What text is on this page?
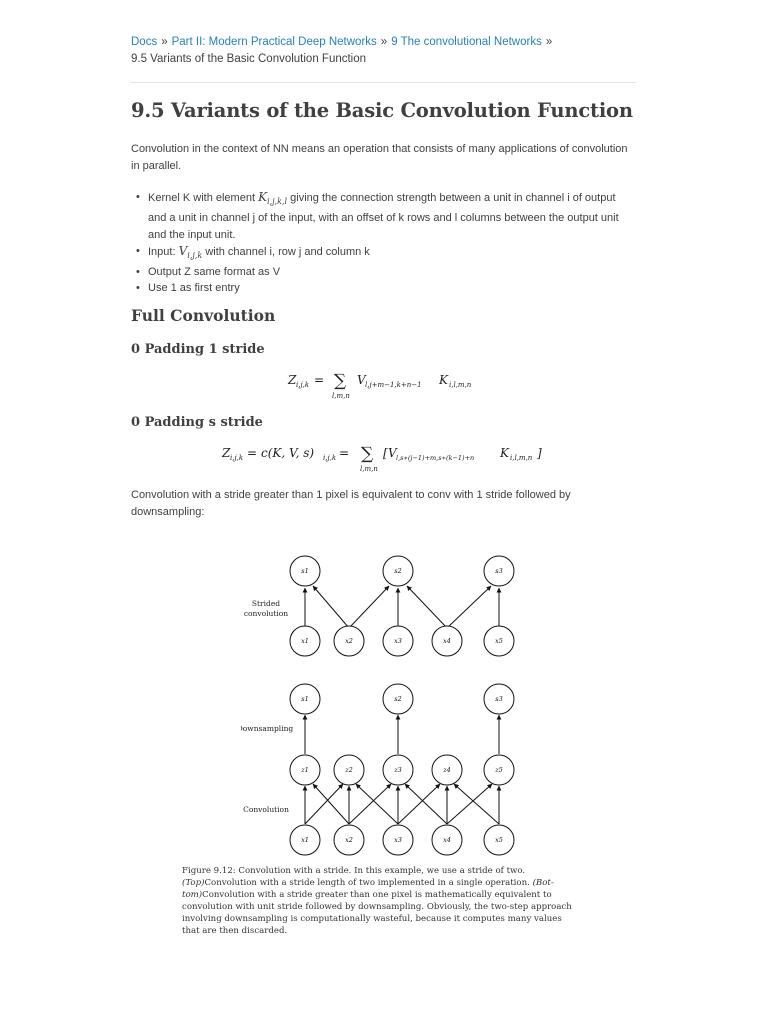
Docs » Part II: Modern Practical Deep Networks » 9 The convolutional Networks »
9.5 Variants of the Basic Convolution Function
9.5 Variants of the Basic Convolution Function

Convolution in the context of NN means an operation that consists of many applications of convolution in parallel.

• Kernel K with element $K_{i,j,k,l}$ giving the connection strength between a unit in channel i of output and a unit in channel j of the input, with an offset of k rows and l columns between the output unit and the input unit.
• Input: $V_{i,j,k}$ with channel i, row j and column k
• Output Z same format as V
• Use 1 as first entry
Full Convolution
0 Padding 1 stride
Z i,j,k = ∑
l,m,n
V l,j+m−1,k+n−1 K i,l,m,n
0 Padding s stride
Z i,j,k = c(K, V, s) i,j,k = ∑
l,m,n
[ V l,s∗(j−1)+m,s∗(k−1)+n K i,l,m,n ]

Convolution with a stride greater than 1 pixel is equivalent to conv with 1 stride followed by downsampling:

s1	s2	s3
x1	x2	x3	x4	x5
s1	s2	s3
z1	z2	z3	z4	z5
x1	x2	x3	x4	x5
Strided
convolution
Downsampling
Convolution
Figure 9.12: Convolution with a stride. In this example, we use a stride of two.
(Top)Convolution with a stride length of two implemented in a single operation. (Bot-
tom)Convolution with a stride greater than one pixel is mathematically equivalent to
convolution with unit stride followed by downsampling. Obviously, the two-step approach
involving downsampling is computationally wasteful, because it computes many values
that are then discarded.
